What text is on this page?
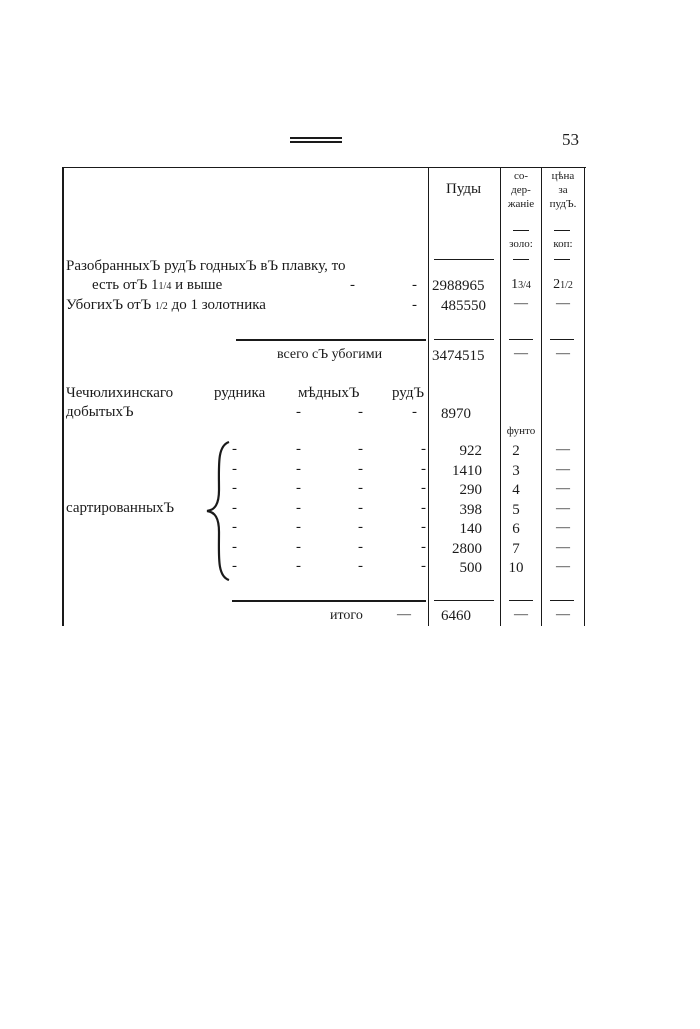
53
Пуды
со-
дер-
жаніе
цѣна
за
пудЪ.
золо:	коп:
РазобранныхЪ рудЪ годныхЪ вЪ плавку, то
есть отЪ 11/4 и выше	-	- 2988965	13/4	21/2
УбогихЪ отЪ 1/2 до 1 золотника	- 485550	—	—
всего сЪ убогими	3474515	—	—
Чечюлихинскаго	рудника мѣдныхЪ рудЪ
добытыхЪ	-	-	- 8970
фунто
сартированныхЪ
-	-	-	-	922	2	—
-	-	-	-	1410	3	—
-	-	-	-	290	4	—
-	-	-	-	398	5	—
-	-	-	-	140	6	—
-	-	-	-	2800	7	—
-	-	-	-	500	10	—
итого — 6460	—	—
